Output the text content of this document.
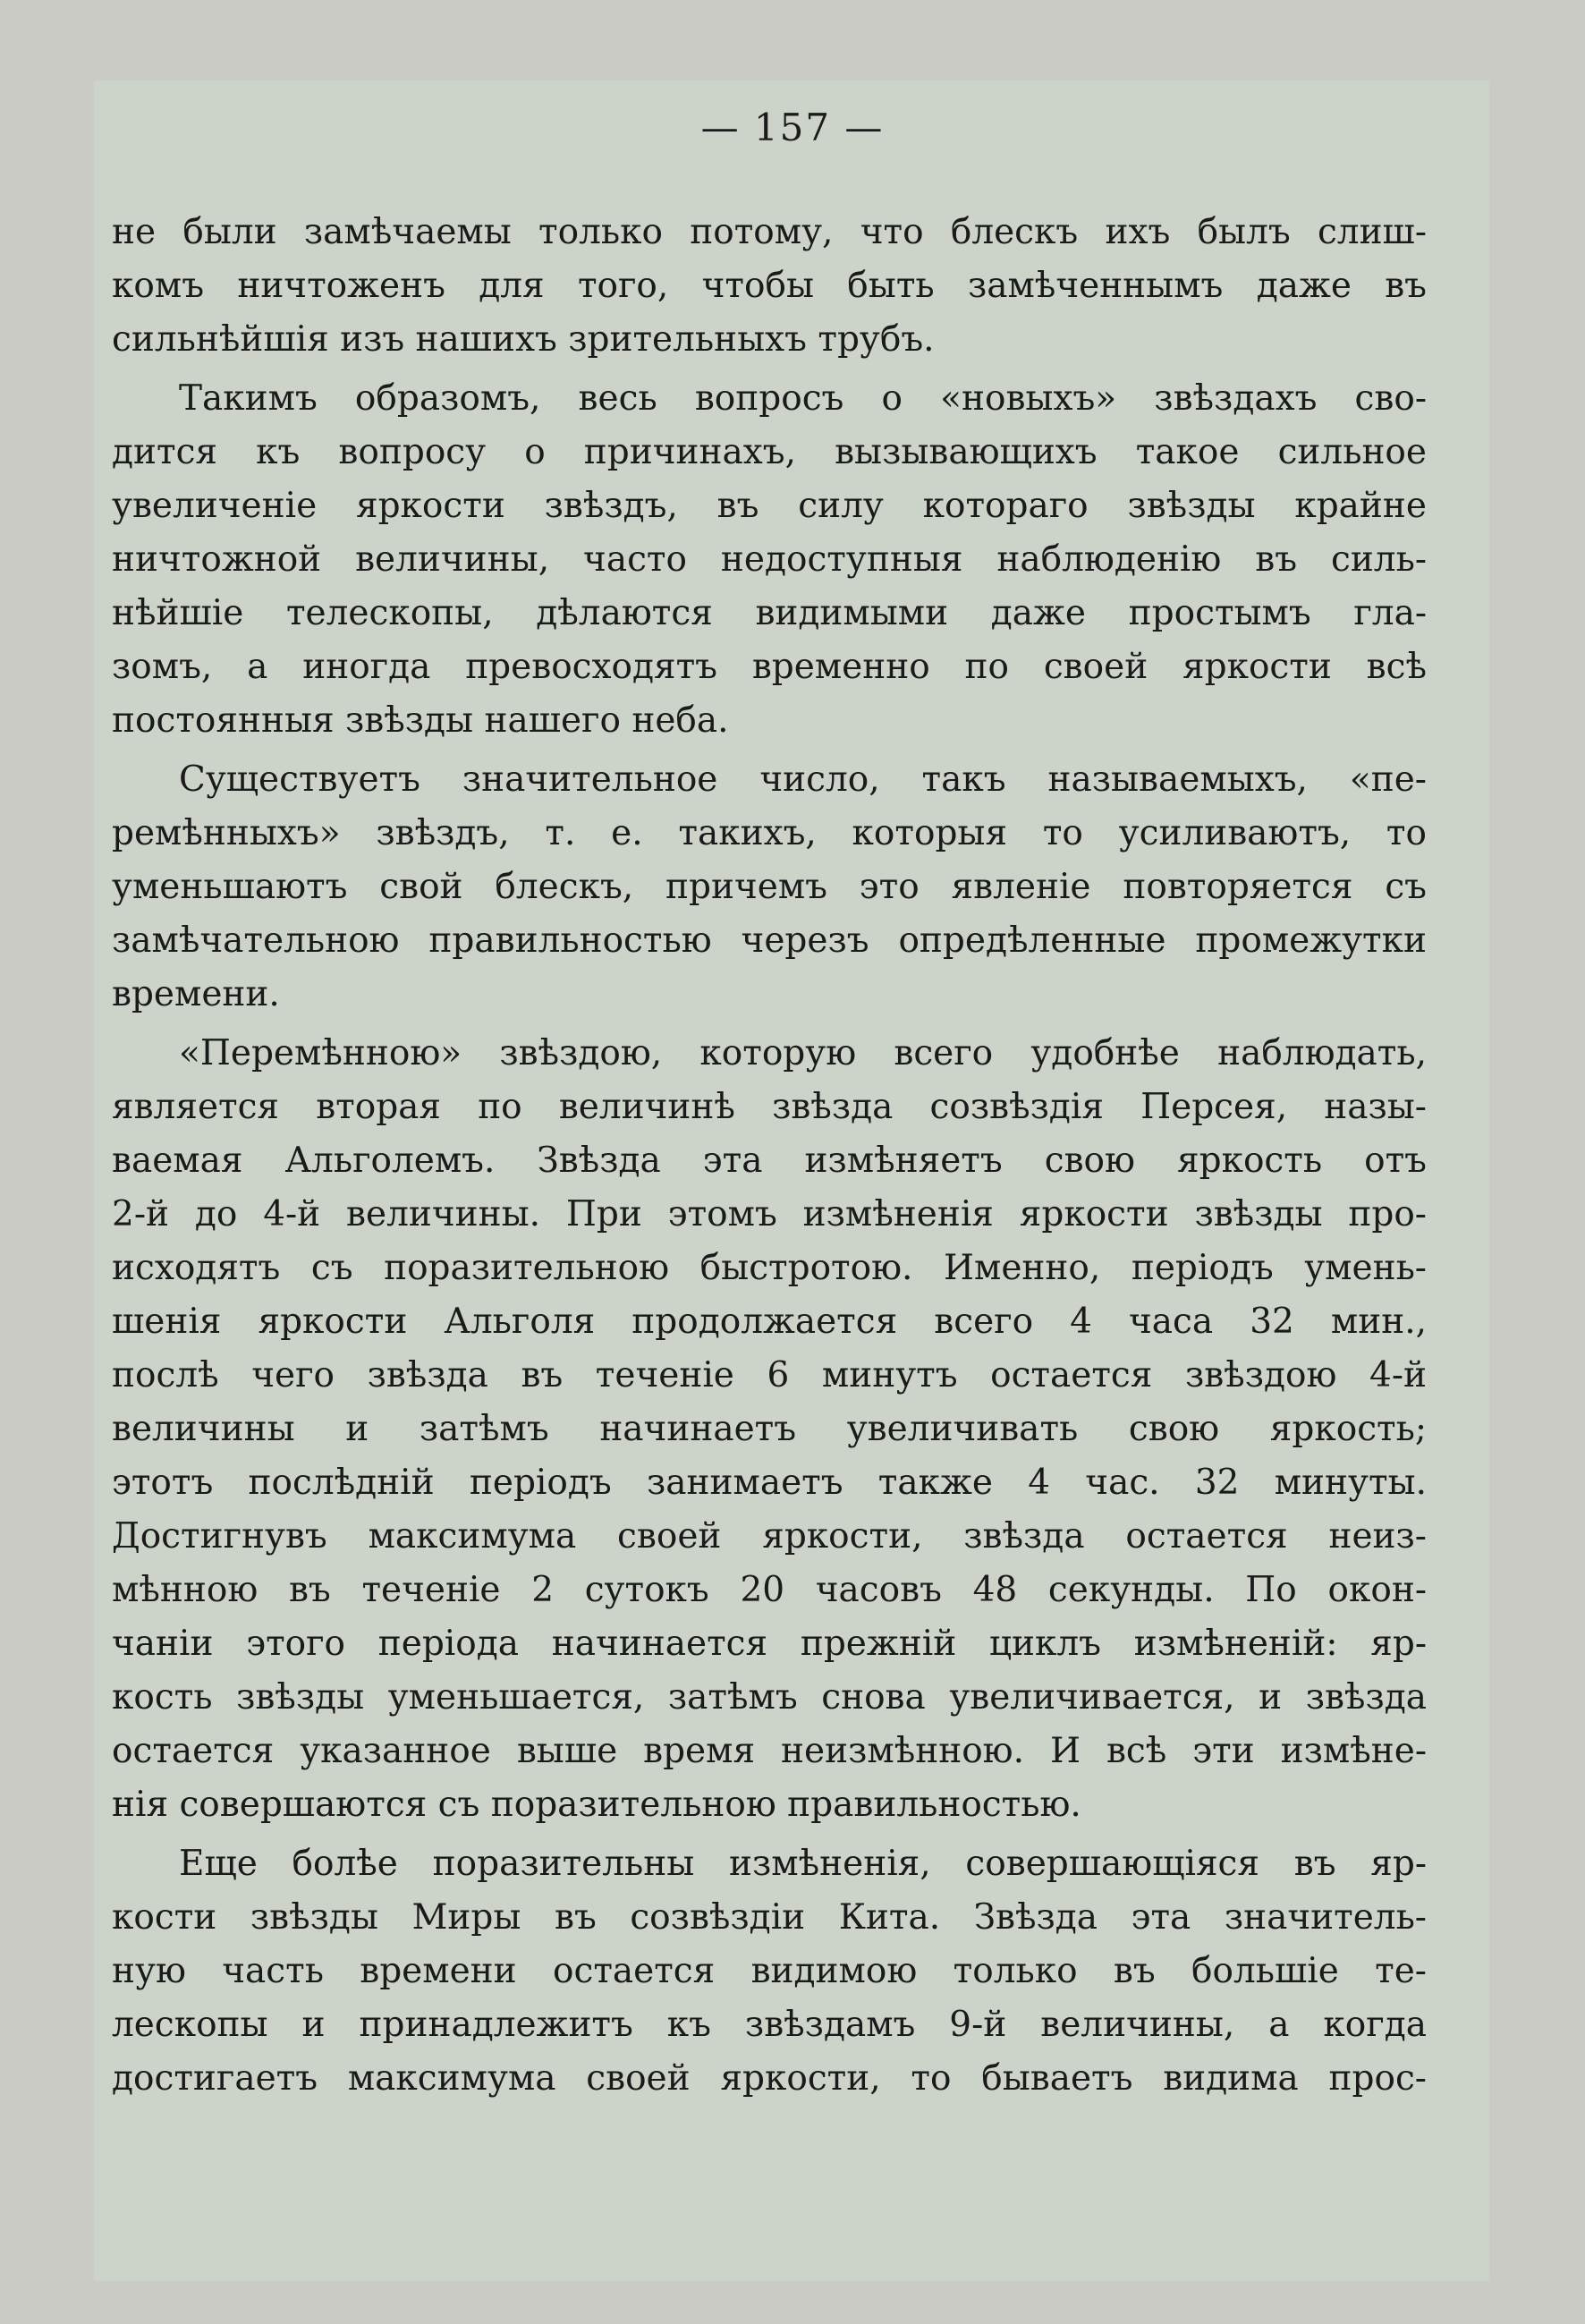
— 157 —

не были замѣчаемы только потому, что блескъ ихъ былъ слиш-
комъ ничтоженъ для того, чтобы быть замѣченнымъ даже въ
сильнѣйшiя изъ нашихъ зрительныхъ трубъ.
Такимъ образомъ, весь вопросъ о «новыхъ» звѣздахъ сво-
дится къ вопросу о причинахъ, вызывающихъ такое сильное
увеличенiе яркости звѣздъ, въ силу котораго звѣзды крайне
ничтожной величины, часто недоступныя наблюденiю въ силь-
нѣйшiе телескопы, дѣлаются видимыми даже простымъ гла-
зомъ, а иногда превосходятъ временно по своей яркости всѣ
постоянныя звѣзды нашего неба.
Существуетъ значительное число, такъ называемыхъ, «пе-
ремѣнныхъ» звѣздъ, т. е. такихъ, которыя то усиливаютъ, то
уменьшаютъ свой блескъ, причемъ это явленiе повторяется съ
замѣчательною правильностью черезъ опредѣленные промежутки
времени.
«Перемѣнною» звѣздою, которую всего удобнѣе наблюдать,
является вторая по величинѣ звѣзда созвѣздiя Персея, назы-
ваемая Альголемъ. Звѣзда эта измѣняетъ свою яркость отъ
2-й до 4-й величины. При этомъ измѣненiя яркости звѣзды про-
исходятъ съ поразительною быстротою. Именно, перiодъ умень-
шенiя яркости Альголя продолжается всего 4 часа 32 мин.,
послѣ чего звѣзда въ теченiе 6 минутъ остается звѣздою 4-й
величины и затѣмъ начинаетъ увеличивать свою яркость;
этотъ послѣднiй перiодъ занимаетъ также 4 час. 32 минуты.
Достигнувъ максимума своей яркости, звѣзда остается неиз-
мѣнною въ теченiе 2 сутокъ 20 часовъ 48 секунды. По окон-
чанiи этого перiода начинается прежнiй циклъ измѣненiй: яр-
кость звѣзды уменьшается, затѣмъ снова увеличивается, и звѣзда
остается указанное выше время неизмѣнною. И всѣ эти измѣне-
нiя совершаются съ поразительною правильностью.
Еще болѣе поразительны измѣненiя, совершающiяся въ яр-
кости звѣзды Миры въ созвѣздiи Кита. Звѣзда эта значитель-
ную часть времени остается видимою только въ большiе те-
лескопы и принадлежитъ къ звѣздамъ 9-й величины, а когда
достигаетъ максимума своей яркости, то бываетъ видима прос-
